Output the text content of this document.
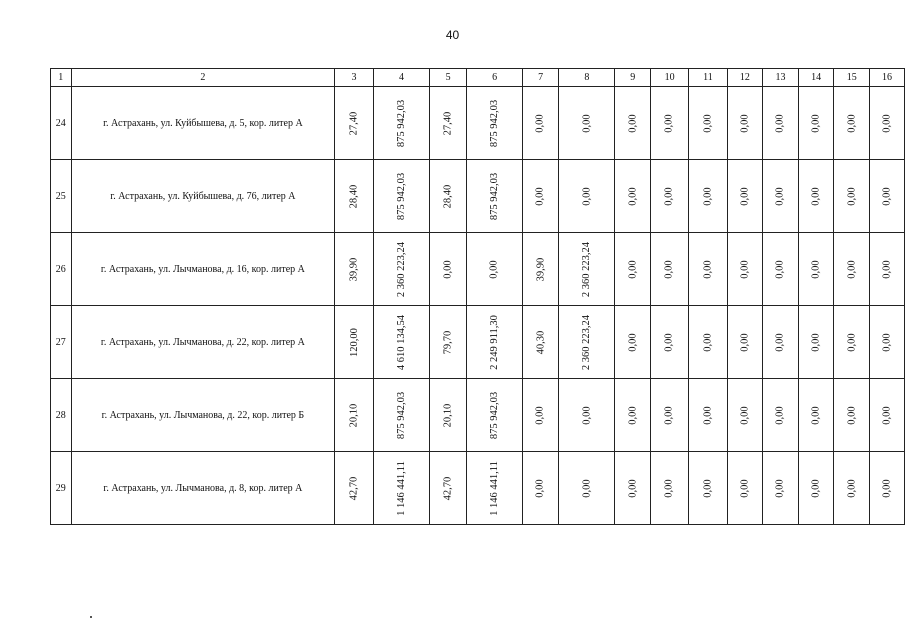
40
1	2	3	4	5	6	7	8	9	10	11	12	13	14	15	16
24	г. Астрахань, ул. Куйбышева, д. 5, кор. литер А	27,40	875 942,03	27,40	875 942,03	0,00	0,00	0,00	0,00	0,00	0,00	0,00	0,00	0,00	0,00
25	г. Астрахань, ул. Куйбышева, д. 76, литер А	28,40	875 942,03	28,40	875 942,03	0,00	0,00	0,00	0,00	0,00	0,00	0,00	0,00	0,00	0,00
26	г. Астрахань, ул. Лычманова, д. 16, кор. литер А	39,90	2 360 223,24	0,00	0,00	39,90	2 360 223,24	0,00	0,00	0,00	0,00	0,00	0,00	0,00	0,00
27	г. Астрахань, ул. Лычманова, д. 22, кор. литер А	120,00	4 610 134,54	79,70	2 249 911,30	40,30	2 360 223,24	0,00	0,00	0,00	0,00	0,00	0,00	0,00	0,00
28	г. Астрахань, ул. Лычманова, д. 22, кор. литер Б	20,10	875 942,03	20,10	875 942,03	0,00	0,00	0,00	0,00	0,00	0,00	0,00	0,00	0,00	0,00
29	г. Астрахань, ул. Лычманова, д. 8, кор. литер А	42,70	1 146 441,11	42,70	1 146 441,11	0,00	0,00	0,00	0,00	0,00	0,00	0,00	0,00	0,00	0,00
